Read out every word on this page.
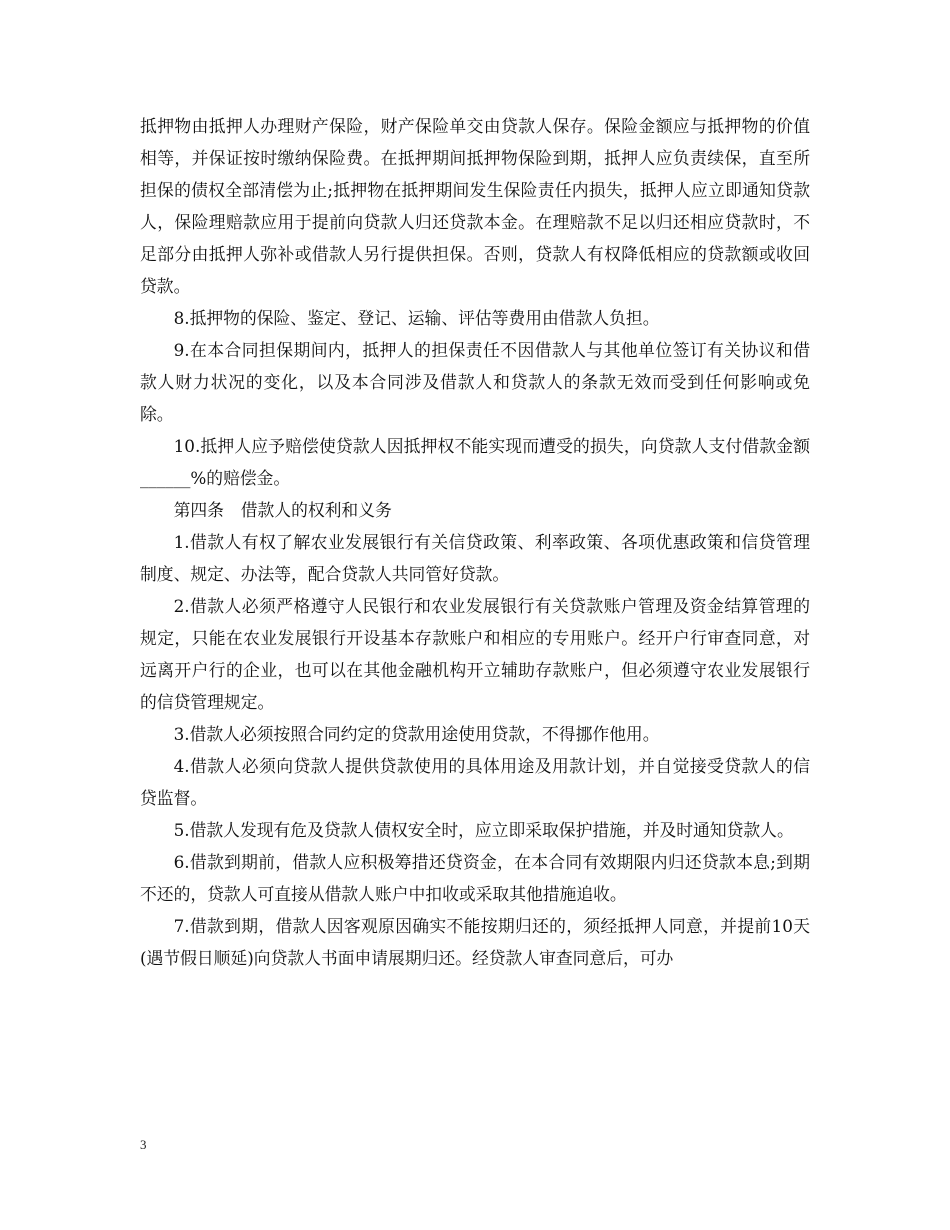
抵押物由抵押人办理财产保险，财产保险单交由贷款人保存。保险金额应与抵押物的价值相等，并保证按时缴纳保险费。在抵押期间抵押物保险到期，抵押人应负责续保，直至所担保的债权全部清偿为止;抵押物在抵押期间发生保险责任内损失，抵押人应立即通知贷款人，保险理赔款应用于提前向贷款人归还贷款本金。在理赔款不足以归还相应贷款时，不足部分由抵押人弥补或借款人另行提供担保。否则，贷款人有权降低相应的贷款额或收回贷款。

8.抵押物的保险、鉴定、登记、运输、评估等费用由借款人负担。

9.在本合同担保期间内，抵押人的担保责任不因借款人与其他单位签订有关协议和借款人财力状况的变化，以及本合同涉及借款人和贷款人的条款无效而受到任何影响或免除。

10.抵押人应予赔偿使贷款人因抵押权不能实现而遭受的损失，向贷款人支付借款金额______%的赔偿金。

第四条　借款人的权利和义务

1.借款人有权了解农业发展银行有关信贷政策、利率政策、各项优惠政策和信贷管理制度、规定、办法等，配合贷款人共同管好贷款。

2.借款人必须严格遵守人民银行和农业发展银行有关贷款账户管理及资金结算管理的规定，只能在农业发展银行开设基本存款账户和相应的专用账户。经开户行审查同意，对远离开户行的企业，也可以在其他金融机构开立辅助存款账户，但必须遵守农业发展银行的信贷管理规定。

3.借款人必须按照合同约定的贷款用途使用贷款，不得挪作他用。

4.借款人必须向贷款人提供贷款使用的具体用途及用款计划，并自觉接受贷款人的信贷监督。

5.借款人发现有危及贷款人债权安全时，应立即采取保护措施，并及时通知贷款人。

6.借款到期前，借款人应积极筹措还贷资金，在本合同有效期限内归还贷款本息;到期不还的，贷款人可直接从借款人账户中扣收或采取其他措施追收。

7.借款到期，借款人因客观原因确实不能按期归还的，须经抵押人同意，并提前10天(遇节假日顺延)向贷款人书面申请展期归还。经贷款人审查同意后，可办

3
